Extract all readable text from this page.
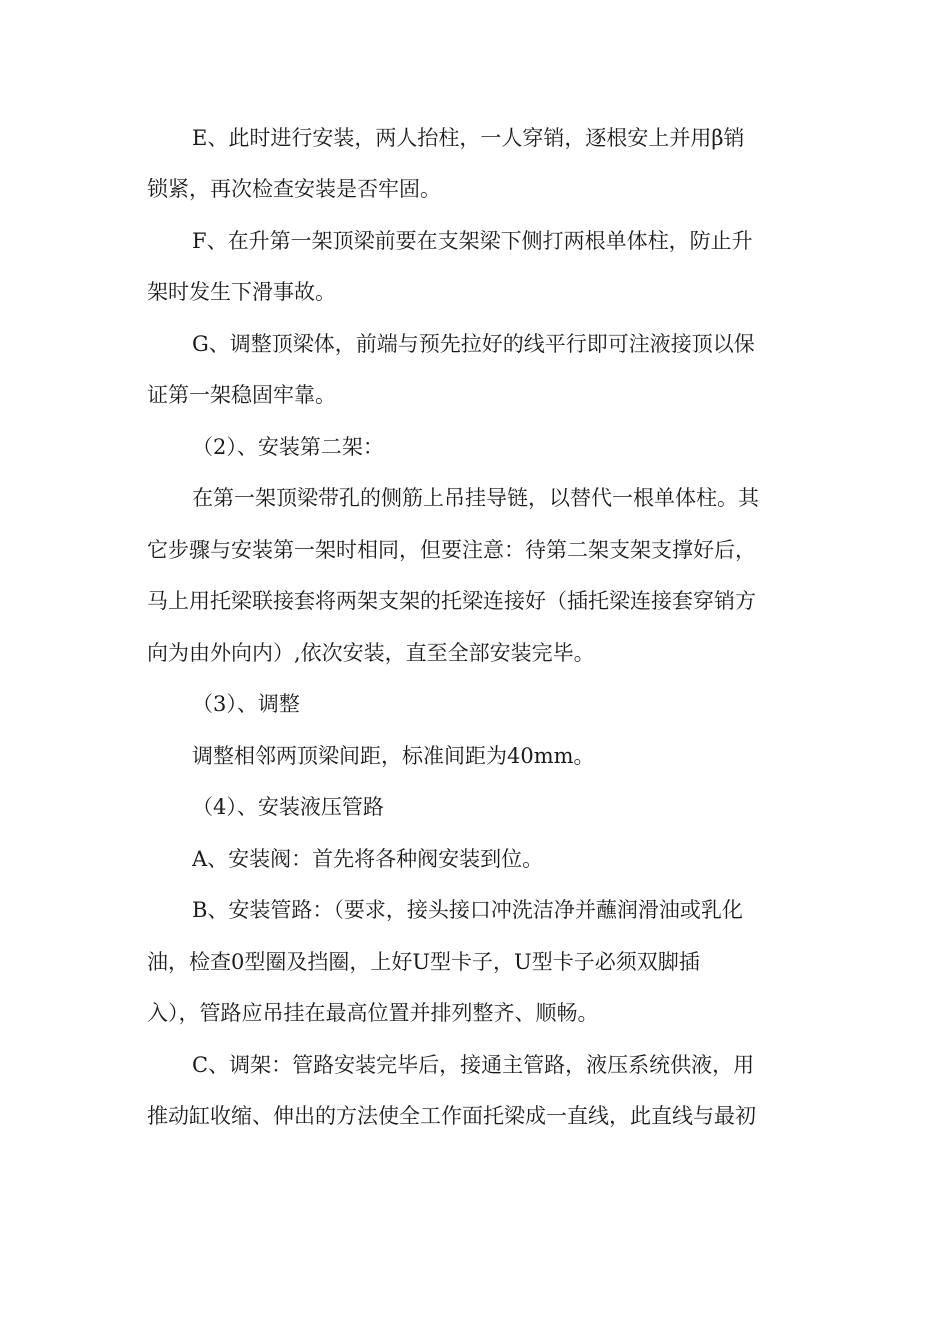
E、此时进行安装，两人抬柱，一人穿销，逐根安上并用β销
锁紧，再次检查安装是否牢固。
F、在升第一架顶梁前要在支架梁下侧打两根单体柱，防止升
架时发生下滑事故。
G、调整顶梁体，前端与预先拉好的线平行即可注液接顶以保
证第一架稳固牢靠。
（2）、安装第二架：
在第一架顶梁带孔的侧筋上吊挂导链，以替代一根单体柱。其
它步骤与安装第一架时相同，但要注意：待第二架支架支撑好后，
马上用托梁联接套将两架支架的托梁连接好（插托梁连接套穿销方
向为由外向内）,依次安装，直至全部安装完毕。
（3）、调整
调整相邻两顶梁间距，标准间距为40mm。
（4）、安装液压管路
A、安装阀：首先将各种阀安装到位。
B、安装管路：（要求，接头接口冲洗洁净并蘸润滑油或乳化
油，检查0型圈及挡圈，上好U型卡子，U型卡子必须双脚插
入），管路应吊挂在最高位置并排列整齐、顺畅。
C、调架：管路安装完毕后，接通主管路，液压系统供液，用
推动缸收缩、伸出的方法使全工作面托梁成一直线，此直线与最初
